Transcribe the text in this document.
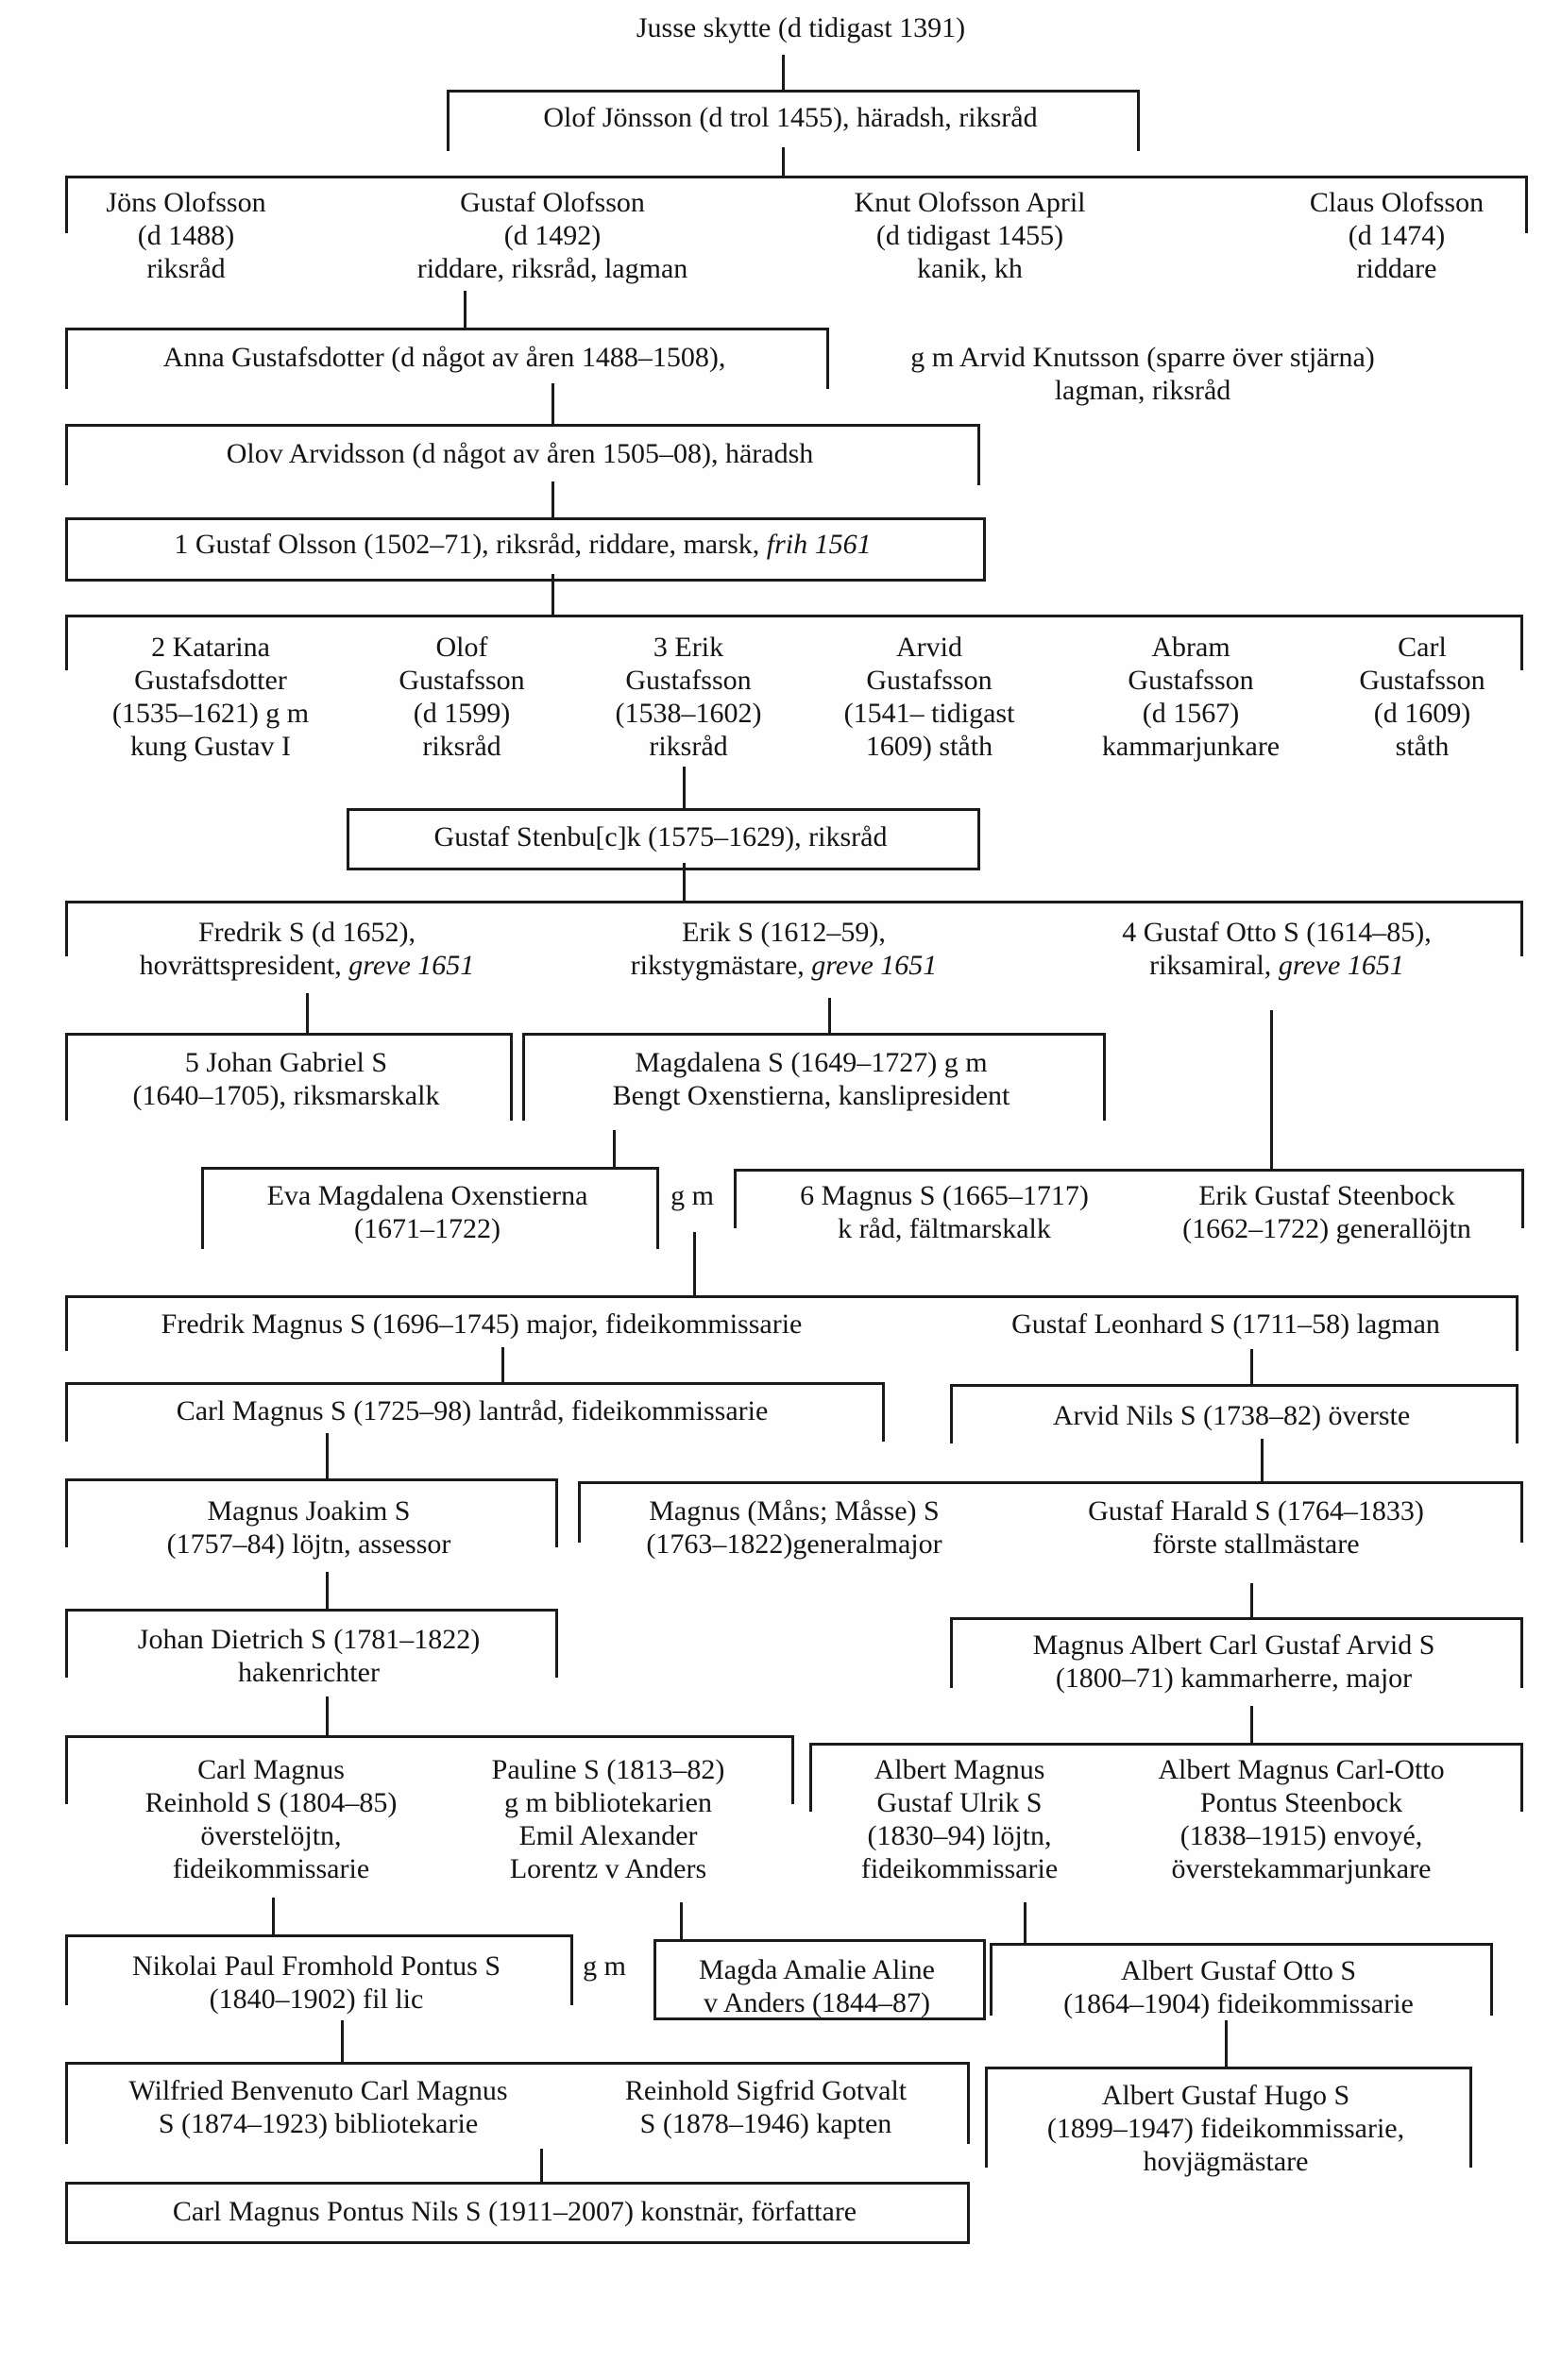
Jusse skytte (d tidigast 1391)
Olof Jönsson (d trol 1455), häradsh, riksråd
Jöns Olofsson
(d 1488)
riksråd
Gustaf Olofsson
(d 1492)
riddare, riksråd, lagman
Knut Olofsson April
(d tidigast 1455)
kanik, kh
Claus Olofsson
(d 1474)
riddare
Anna Gustafsdotter (d något av åren 1488–1508),	g m Arvid Knutsson (sparre över stjärna)
lagman, riksråd
Olov Arvidsson (d något av åren 1505–08), häradsh
1 Gustaf Olsson (1502–71), riksråd, riddare, marsk, frih 1561
2 Katarina
Gustafsdotter
(1535–1621) g m
kung Gustav I
Olof
Gustafsson
(d 1599)
riksråd
3 Erik
Gustafsson
(1538–1602)
riksråd
Arvid
Gustafsson
(1541– tidigast
1609) ståth
Abram
Gustafsson
(d 1567)
kammarjunkare
Carl
Gustafsson
(d 1609)
ståth
Gustaf Stenbu[c]k (1575–1629), riksråd
Fredrik S (d 1652),
hovrättspresident, greve 1651
Erik S (1612–59),
rikstygmästare, greve 1651
4 Gustaf Otto S (1614–85),
riksamiral, greve 1651
5 Johan Gabriel S
(1640–1705), riksmarskalk
Magdalena S (1649–1727) g m
Bengt Oxenstierna, kanslipresident
Eva Magdalena Oxenstierna
(1671–1722)
g m	6 Magnus S (1665–1717)
k råd, fältmarskalk
Erik Gustaf Steenbock
(1662–1722) generallöjtn
Fredrik Magnus S (1696–1745) major, fideikommissarie	Gustaf Leonhard S (1711–58) lagman
Carl Magnus S (1725–98) lantråd, fideikommissarie	Arvid Nils S (1738–82) överste
Magnus Joakim S
(1757–84) löjtn, assessor
Magnus (Måns; Måsse) S
(1763–1822)generalmajor
Gustaf Harald S (1764–1833)
förste stallmästare
Johan Dietrich S (1781–1822)
hakenrichter
Magnus Albert Carl Gustaf Arvid S
(1800–71) kammarherre, major
Carl Magnus
Reinhold S (1804–85)
överstelöjtn,
fideikommissarie
Pauline S (1813–82)
g m bibliotekarien
Emil Alexander
Lorentz v Anders
Albert Magnus
Gustaf Ulrik S
(1830–94) löjtn,
fideikommissarie
Albert Magnus Carl-Otto
Pontus Steenbock
(1838–1915) envoyé,
överstekammarjunkare
Nikolai Paul Fromhold Pontus S
(1840–1902) fil lic
g m	Magda Amalie Aline
v Anders (1844–87)
Albert Gustaf Otto S
(1864–1904) fideikommissarie
Wilfried Benvenuto Carl Magnus
S (1874–1923) bibliotekarie
Reinhold Sigfrid Gotvalt
S (1878–1946) kapten
Albert Gustaf Hugo S
(1899–1947) fideikommissarie,
hovjägmästare
Carl Magnus Pontus Nils S (1911–2007) konstnär, författare
